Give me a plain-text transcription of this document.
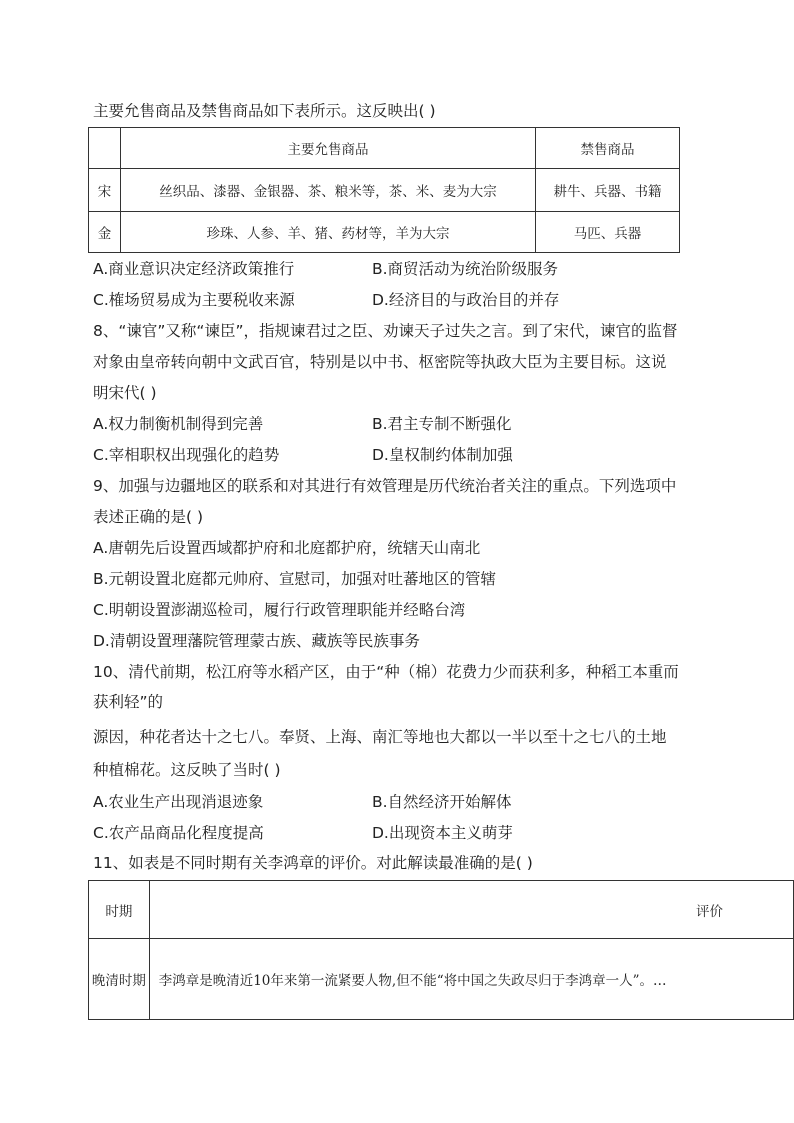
主要允售商品及禁售商品如下表所示。这反映出( )
	主要允售商品	禁售商品
宋	丝织品、漆器、金银器、茶、粮米等，茶、米、麦为大宗	耕牛、兵器、书籍
金	珍珠、人参、羊、猪、药材等，羊为大宗	马匹、兵器
A.商业意识决定经济政策推行	B.商贸活动为统治阶级服务
C.榷场贸易成为主要税收来源	D.经济目的与政治目的并存
8、“谏官”又称“谏臣”，指规谏君过之臣、劝谏天子过失之言。到了宋代，谏官的监督
对象由皇帝转向朝中文武百官，特别是以中书、枢密院等执政大臣为主要目标。这说
明宋代( )
A.权力制衡机制得到完善	B.君主专制不断强化
C.宰相职权出现强化的趋势	D.皇权制约体制加强
9、加强与边疆地区的联系和对其进行有效管理是历代统治者关注的重点。下列选项中
表述正确的是( )
A.唐朝先后设置西域都护府和北庭都护府，统辖天山南北
B.元朝设置北庭都元帅府、宣慰司，加强对吐蕃地区的管辖
C.明朝设置澎湖巡检司，履行行政管理职能并经略台湾
D.清朝设置理藩院管理蒙古族、藏族等民族事务
10、清代前期，松江府等水稻产区，由于“种（棉）花费力少而获利多，种稻工本重而
获利轻”的
源因，种花者达十之七八。奉贤、上海、南汇等地也大都以一半以至十之七八的土地
种植棉花。这反映了当时( )
A.农业生产出现消退迹象	B.自然经济开始解体
C.农产品商品化程度提高	D.出现资本主义萌芽
11、如表是不同时期有关李鸿章的评价。对此解读最准确的是( )
时期	评价
晚清时期	李鸿章是晚清近10年来第一流紧要人物,但不能“将中国之失政尽归于李鸿章一人”。…
